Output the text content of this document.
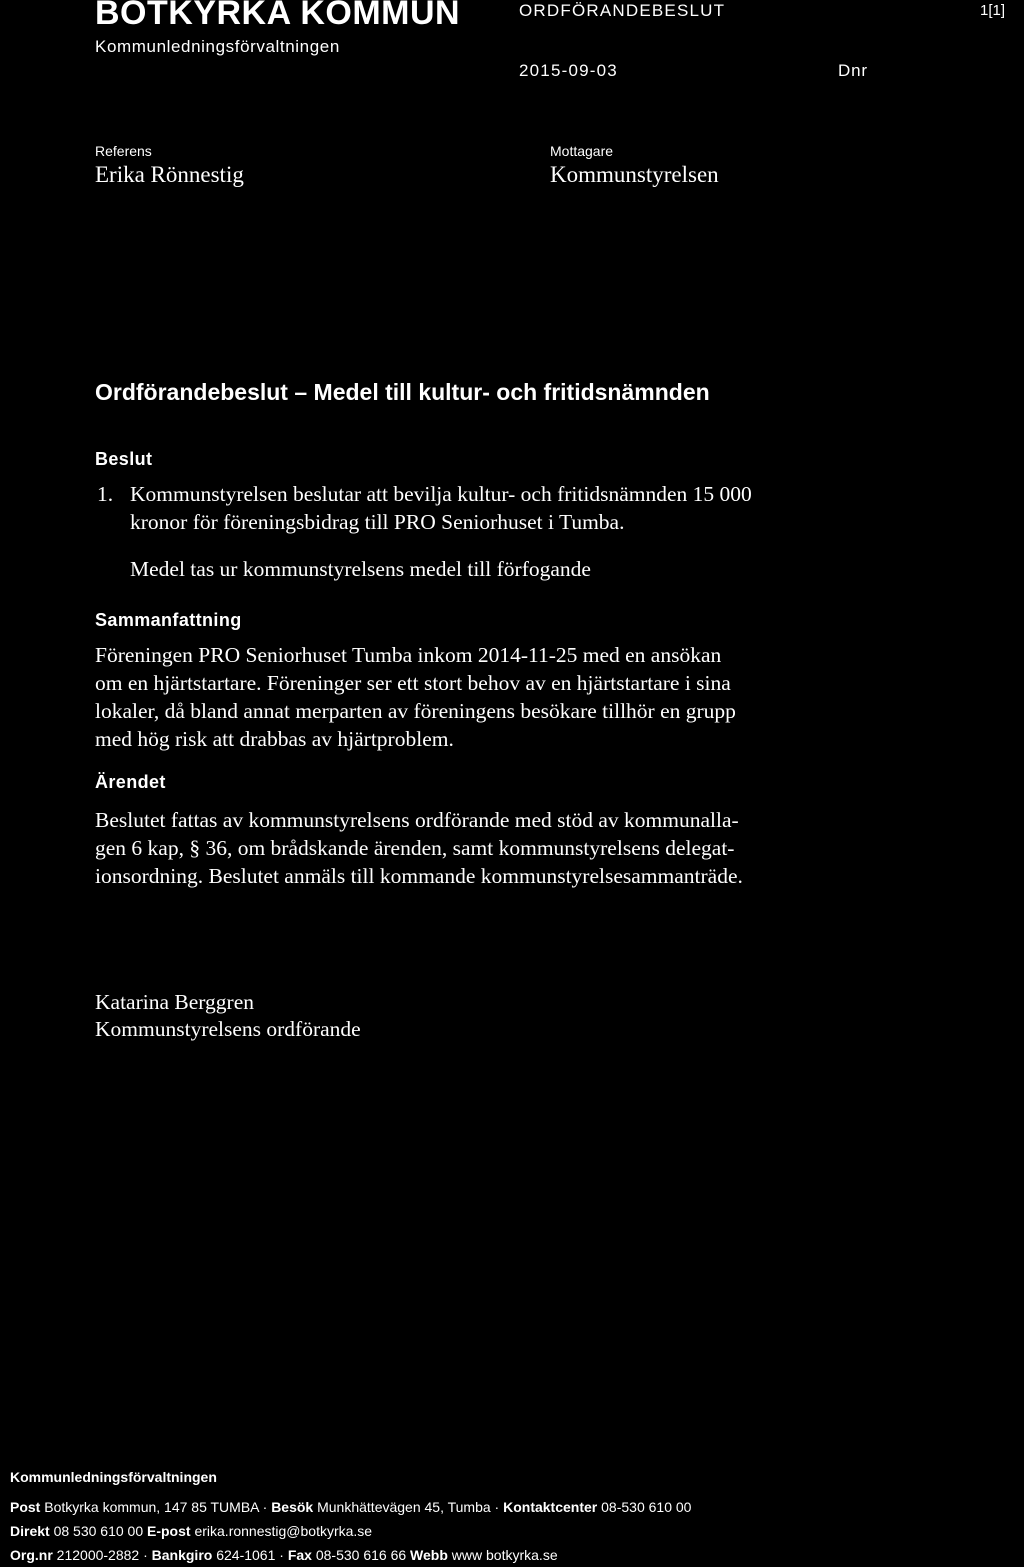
BOTKYRKA KOMMUN
Kommunledningsförvaltningen
ORDFÖRANDEBESLUT	1[1]
2015-09-03	Dnr
Referens
Erika Rönnestig
Mottagare
Kommunstyrelsen
Ordförandebeslut – Medel till kultur- och fritidsnämnden
Beslut
1. Kommunstyrelsen beslutar att bevilja kultur- och fritidsnämnden 15 000
kronor för föreningsbidrag till PRO Seniorhuset i Tumba.
Medel tas ur kommunstyrelsens medel till förfogande
Sammanfattning
Föreningen PRO Seniorhuset Tumba inkom 2014-11-25 med en ansökan
om en hjärtstartare. Föreninger ser ett stort behov av en hjärtstartare i sina
lokaler, då bland annat merparten av föreningens besökare tillhör en grupp
med hög risk att drabbas av hjärtproblem.
Ärendet
Beslutet fattas av kommunstyrelsens ordförande med stöd av kommunalla-
gen 6 kap, § 36, om brådskande ärenden, samt kommunstyrelsens delegat-
ionsordning. Beslutet anmäls till kommande kommunstyrelsesammanträde.
Katarina Berggren
Kommunstyrelsens ordförande
Kommunledningsförvaltningen
Post Botkyrka kommun, 147 85 TUMBA · Besök Munkhättevägen 45, Tumba · Kontaktcenter 08-530 610 00
Direkt 08 530 610 00 E-post erika.ronnestig@botkyrka.se
Org.nr 212000-2882 · Bankgiro 624-1061 · Fax 08-530 616 66 Webb www botkyrka.se
